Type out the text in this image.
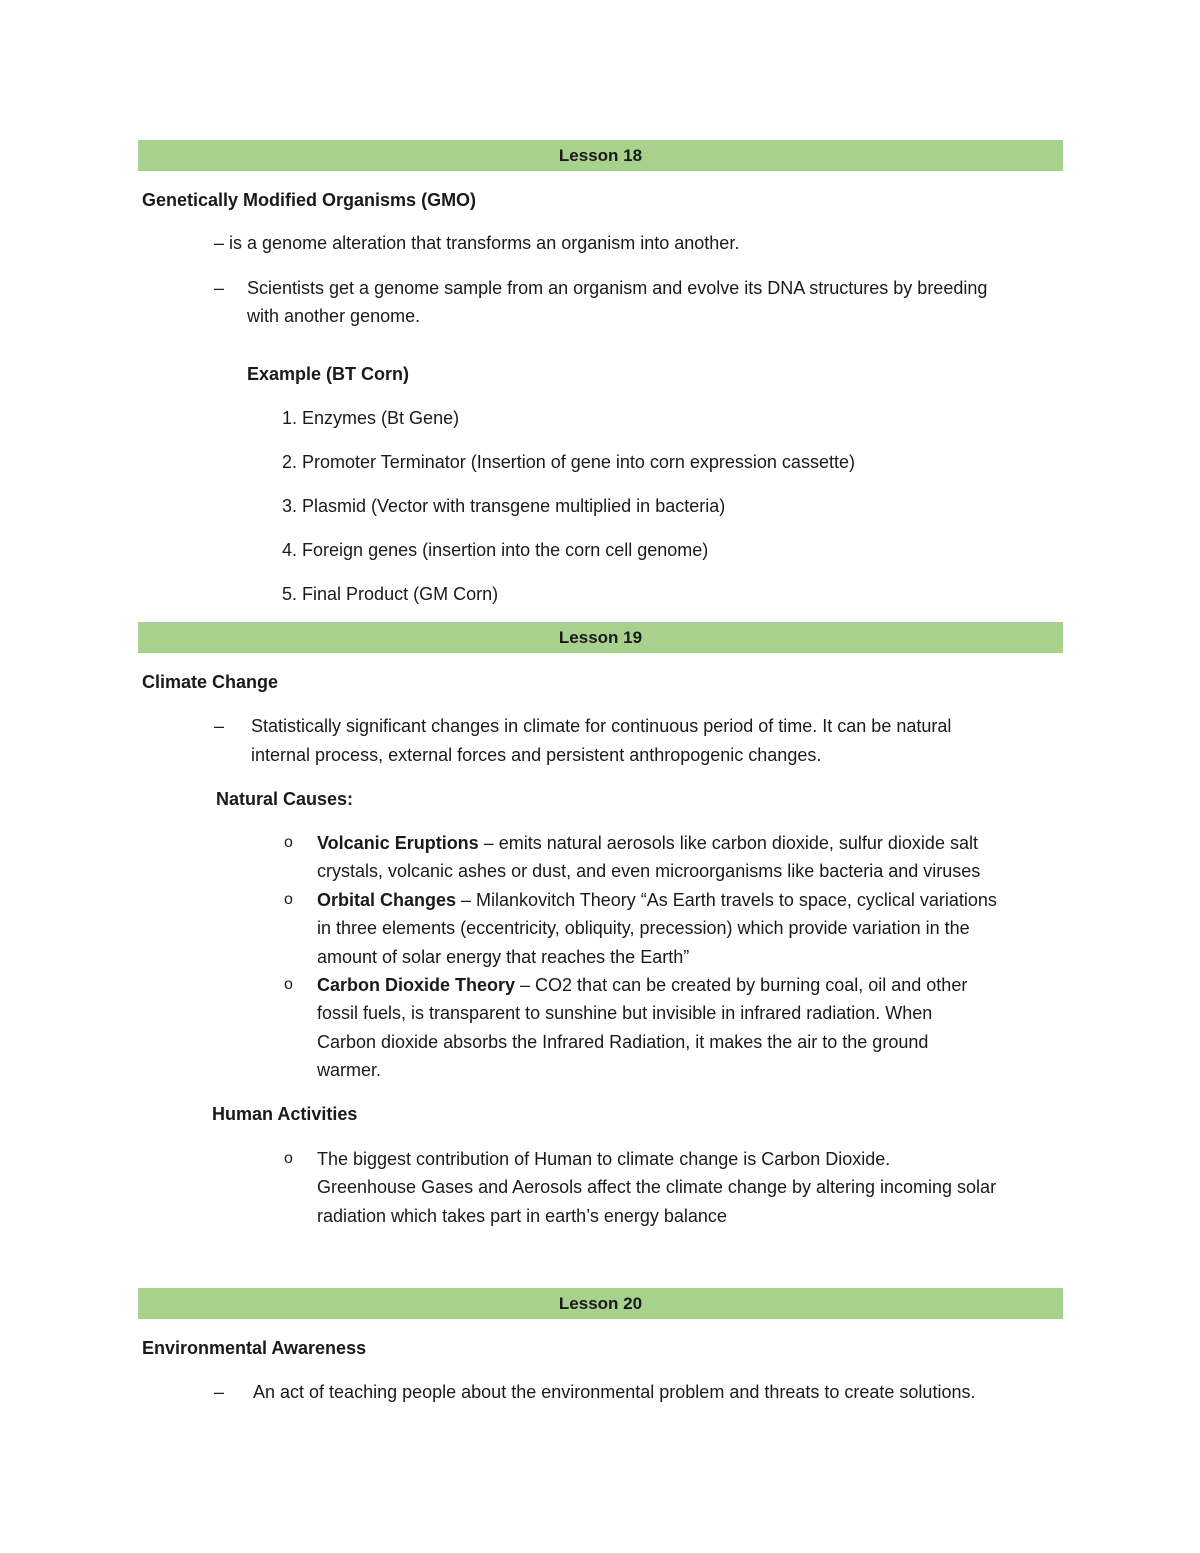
Lesson 18
Genetically Modified Organisms (GMO)
– is a genome alteration that transforms an organism into another.
– Scientists get a genome sample from an organism and evolve its DNA structures by breeding
with another genome.
Example (BT Corn)
1. Enzymes (Bt Gene)
2. Promoter Terminator (Insertion of gene into corn expression cassette)
3. Plasmid (Vector with transgene multiplied in bacteria)
4. Foreign genes (insertion into the corn cell genome)
5. Final Product (GM Corn)
Lesson 19
Climate Change
– Statistically significant changes in climate for continuous period of time. It can be natural
internal process, external forces and persistent anthropogenic changes.
Natural Causes:
o Volcanic Eruptions – emits natural aerosols like carbon dioxide, sulfur dioxide salt
crystals, volcanic ashes or dust, and even microorganisms like bacteria and viruses
o Orbital Changes – Milankovitch Theory “As Earth travels to space, cyclical variations
in three elements (eccentricity, obliquity, precession) which provide variation in the
amount of solar energy that reaches the Earth”
o Carbon Dioxide Theory – CO2 that can be created by burning coal, oil and other
fossil fuels, is transparent to sunshine but invisible in infrared radiation. When
Carbon dioxide absorbs the Infrared Radiation, it makes the air to the ground
warmer.
Human Activities
o The biggest contribution of Human to climate change is Carbon Dioxide.
Greenhouse Gases and Aerosols affect the climate change by altering incoming solar
radiation which takes part in earth’s energy balance
Lesson 20
Environmental Awareness
– An act of teaching people about the environmental problem and threats to create solutions.
